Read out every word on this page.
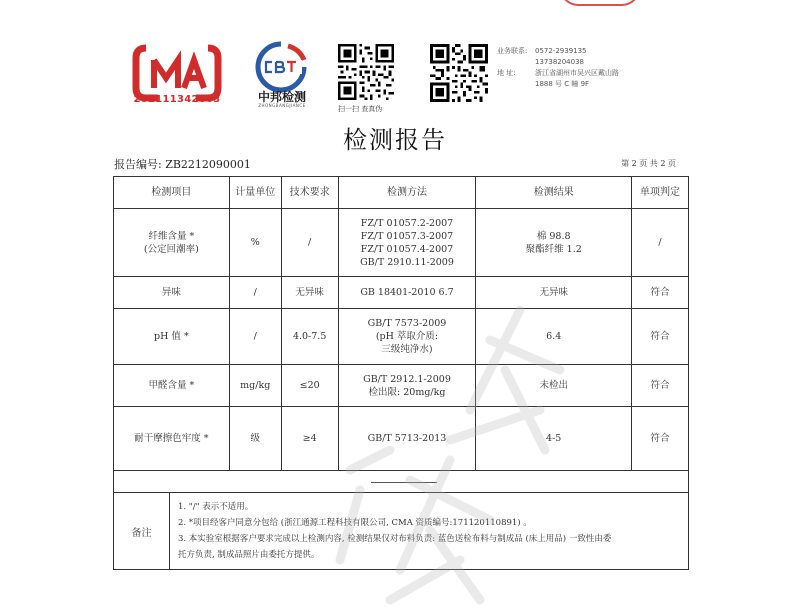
201111342803	中邦检测
ZHONGBANGJIANCE	扫一扫 查真伪
业务联系:	0572-2939135
13738204038
地 址:	浙江省湖州市吴兴区戴山路
1888 号 C 幢 9F
检测报告
报告编号: ZB2212090001	第 2 页 共 2 页
检测项目	计量单位	技术要求	检测方法	检测结果	单项判定
纤维含量 *
(公定回潮率)	%	/	FZ/T 01057.2-2007
FZ/T 01057.3-2007
FZ/T 01057.4-2007
GB/T 2910.11-2009	棉 98.8
聚酯纤维 1.2	/
异味	/	无异味	GB 18401-2010 6.7	无异味	符合
pH 值 *	/	4.0-7.5	GB/T 7573-2009
(pH 萃取介质:
三级纯净水)	6.4	符合
甲醛含量 *	mg/kg	≤20	GB/T 2912.1-2009
检出限: 20mg/kg	未检出	符合
耐干摩擦色牢度 *	级	≥4	GB/T 5713-2013	4-5	符合
备注	
1. "/" 表示不适用。
2. *项目经客户同意分包给 (浙江通源工程科技有限公司, CMA 资质编号:171120110891) 。
3. 本实验室根据客户要求完成以上检测内容, 检测结果仅对布料负责: 蓝色送检布料与制成品 (床上用品) 一致性由委
托方负责, 制成品照片由委托方提供。
